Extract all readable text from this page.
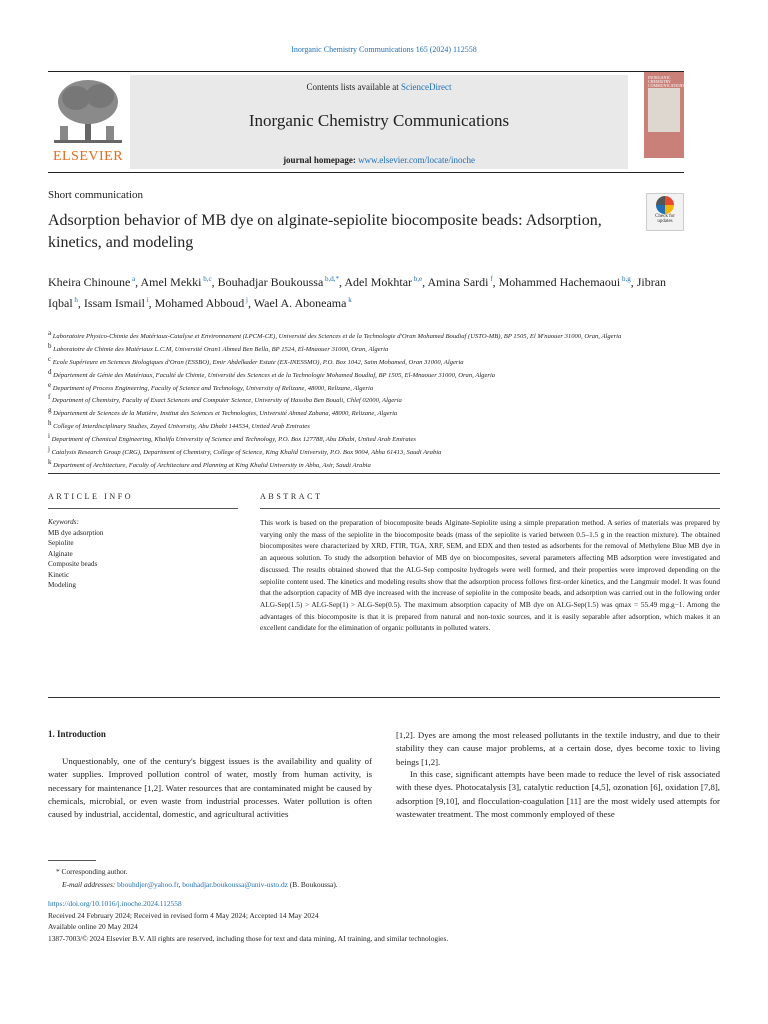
Inorganic Chemistry Communications 165 (2024) 112558
ELSEVIER
Contents lists available at ScienceDirect
Inorganic Chemistry Communications
journal homepage: www.elsevier.com/locate/inoche
INORGANIC CHEMISTRY COMMUNICATIONS
Short communication
Adsorption behavior of MB dye on alginate-sepiolite biocomposite beads: Adsorption, kinetics, and modeling
Check for updates
Kheira Chinoune $^a$, Amel Mekki $^{b,c}$, Bouhadjar Boukoussa $^{b,d,*}$, Adel Mokhtar $^{b,e}$, Amina Sardi $^f$, Mohammed Hachemaoui $^{b,g}$, Jibran Iqbal $^h$, Issam Ismail $^i$, Mohamed Abboud $^j$, Wael A. Aboneama $^k$
$^a$ Laboratoire Physico-Chimie des Matériaux-Catalyse et Environnement (LPCM-CE), Université des Sciences et de la Technologie d'Oran Mohamed Boudiaf (USTO-MB), BP 1505, El M'naouer 31000, Oran, Algeria
$^b$ Laboratoire de Chimie des Matériaux L.C.M, Université Oran1 Ahmed Ben Bella, BP 1524, El-Mnaouer 31000, Oran, Algeria
$^c$ Ecole Supérieure en Sciences Biologiques d'Oran (ESSBO), Emir Abdelkader Estate (EX-INESSMO), P.O. Box 1042, Saim Mohamed, Oran 31000, Algeria
$^d$ Département de Génie des Matériaux, Faculté de Chimie, Université des Sciences et de la Technologie Mohamed Boudiaf, BP 1505, El-Mnaouer 31000, Oran, Algeria
$^e$ Department of Process Engineering, Faculty of Science and Technology, University of Relizane, 48000, Relizane, Algeria
$^f$ Department of Chemistry, Faculty of Exact Sciences and Computer Science, University of Hassiba Ben Bouali, Chlef 02000, Algeria
$^g$ Département de Sciences de la Matière, Institut des Sciences et Technologies, Université Ahmed Zabana, 48000, Relizane, Algeria
$^h$ College of Interdisciplinary Studies, Zayed University, Abu Dhabi 144534, United Arab Emirates
$^i$ Department of Chemical Engineering, Khalifa University of Science and Technology, P.O. Box 127788, Abu Dhabi, United Arab Emirates
$^j$ Catalysis Research Group (CRG), Department of Chemistry, College of Science, King Khalid University, P.O. Box 9004, Abha 61413, Saudi Arabia
$^k$ Department of Architecture, Faculty of Architecture and Planning at King Khalid University in Abha, Asir, Saudi Arabia
ARTICLE INFO	ABSTRACT
Keywords:
MB dye adsorption
Sepiolite
Alginate
Composite beads
Kinetic
Modeling
This work is based on the preparation of biocomposite beads Alginate-Sepiolite using a simple preparation method. A series of materials was prepared by varying only the mass of the sepiolite in the biocomposite beads (mass of the sepiolite is varied between 0.5–1.5 g in the reaction mixture). The obtained biocomposites were characterized by XRD, FTIR, TGA, XRF, SEM, and EDX and then tested as adsorbents for the removal of Methylene Blue MB dye in an aqueous solution. To study the adsorption behavior of MB dye on biocomposites, several parameters affecting MB adsorption were investigated and discussed. The results obtained showed that the ALG-Sep composite hydrogels were well formed, and their properties were improved depending on the sepiolite content used. The kinetics and modeling results show that the adsorption process follows first-order kinetics, and the Langmuir model. It was found that the adsorption capacity of MB dye increased with the increase of sepiolite in the composite beads, and adsorption was carried out in the following order ALG-Sep(1.5) > ALG-Sep(1) > ALG-Sep(0.5). The maximum absorption capacity of MB dye on ALG-Sep(1.5) was qmax = 55.49 mg.g−1. Among the advantages of this biocomposite is that it is prepared from natural and non-toxic sources, and it is easily separable after adsorption, which makes it an excellent candidate for the elimination of organic pollutants in polluted waters.
1. Introduction
Unquestionably, one of the century's biggest issues is the availability and quality of water supplies. Improved pollution control of water, mostly from human activity, is necessary for maintenance [1,2]. Water resources that are contaminated might be caused by chemicals, microbial, or even waste from industrial processes. Water pollution is often caused by industrial, accidental, domestic, and agricultural activities
[1,2]. Dyes are among the most released pollutants in the textile industry, and due to their stability they can cause major problems, at a certain dose, dyes become toxic to living beings [1,2].
In this case, significant attempts have been made to reduce the level of risk associated with these dyes. Photocatalysis [3], catalytic reduction [4,5], ozonation [6], oxidation [7,8], adsorption [9,10], and flocculation-coagulation [11] are the most widely used attempts for wastewater treatment. The most commonly employed of these
* Corresponding author.
E-mail addresses: bbouhdjer@yahoo.fr, bouhadjar.boukoussa@univ-usto.dz (B. Boukoussa).
https://doi.org/10.1016/j.inoche.2024.112558
Received 24 February 2024; Received in revised form 4 May 2024; Accepted 14 May 2024
Available online 20 May 2024
1387-7003/© 2024 Elsevier B.V. All rights are reserved, including those for text and data mining, AI training, and similar technologies.
